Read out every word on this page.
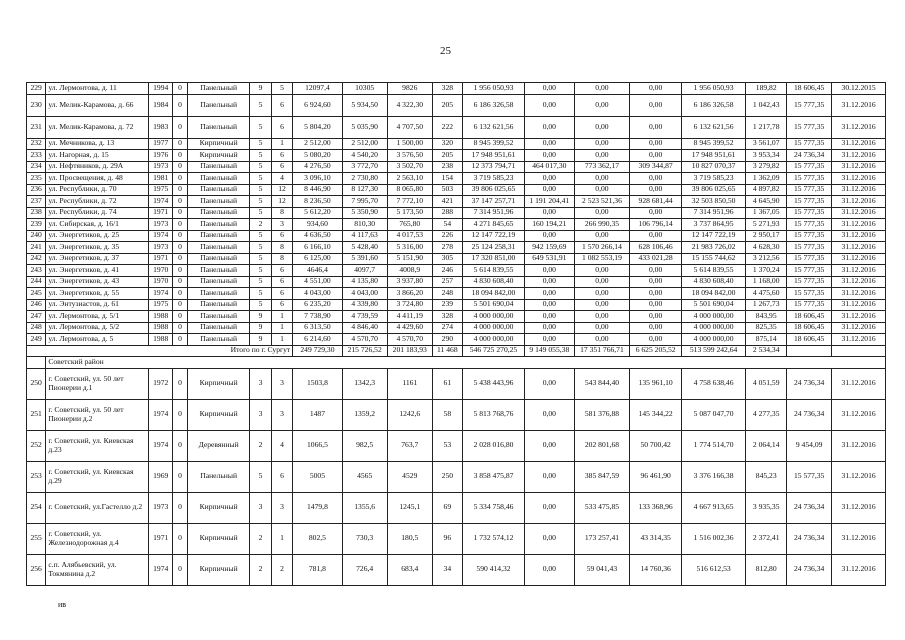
25
229	ул. Лермонтова, д. 11	1994	0	Панельный	9	5	12097,4	10305	9826	328	1 956 050,93	0,00	0,00	0,00	1 956 050,93	189,82	18 606,45	30.12.2015
230	ул. Мелик-Карамова, д. 66	1984	0	Панельный	5	6	6 924,60	5 934,50	4 322,30	205	6 186 326,58	0,00	0,00	0,00	6 186 326,58	1 042,43	15 777,35	31.12.2016
231	ул. Мелик-Карамова, д. 72	1983	0	Панельный	5	6	5 804,20	5 035,90	4 707,50	222	6 132 621,56	0,00	0,00	0,00	6 132 621,56	1 217,78	15 777,35	31.12.2016
232	ул. Мечникова, д. 13	1977	0	Кирпичный	5	1	2 512,00	2 512,00	1 500,00	320	8 945 399,52	0,00	0,00	0,00	8 945 399,52	3 561,07	15 777,35	31.12.2016
233	ул. Нагорная, д. 15	1976	0	Кирпичный	5	6	5 080,20	4 540,20	3 576,50	205	17 948 951,61	0,00	0,00	0,00	17 948 951,61	3 953,34	24 736,34	31.12.2016
234	ул. Нефтяников, д. 29А	1973	0	Панельный	5	6	4 276,50	3 772,70	3 502,70	238	12 373 794,71	464 017,30	773 362,17	309 344,87	10 827 070,37	3 279,82	15 777,35	31.12.2016
235	ул. Просвещения, д. 48	1981	0	Панельный	5	4	3 096,10	2 730,80	2 563,10	154	3 719 585,23	0,00	0,00	0,00	3 719 585,23	1 362,09	15 777,35	31.12.2016
236	ул. Республики, д. 70	1975	0	Панельный	5	12	8 446,90	8 127,30	8 065,80	503	39 806 025,65	0,00	0,00	0,00	39 806 025,65	4 897,82	15 777,35	31.12.2016
237	ул. Республики, д. 72	1974	0	Панельный	5	12	8 236,50	7 995,70	7 772,10	421	37 147 257,71	1 191 204,41	2 523 521,36	928 681,44	32 503 850,50	4 645,90	15 777,35	31.12.2016
238	ул. Республики, д. 74	1971	0	Панельный	5	8	5 612,20	5 350,90	5 173,50	288	7 314 951,96	0,00	0,00	0,00	7 314 951,96	1 367,05	15 777,35	31.12.2016
239	ул. Сибирская, д. 16/1	1973	0	Панельный	2	3	934,60	810,30	765,80	54	4 271 845,65	160 194,21	266 990,35	106 796,14	3 737 864,95	5 271,93	15 777,35	31.12.2016
240	ул. Энергетиков, д. 25	1974	0	Панельный	5	6	4 636,50	4 117,63	4 017,53	226	12 147 722,19	0,00	0,00	0,00	12 147 722,19	2 950,17	15 777,35	31.12.2016
241	ул. Энергетиков, д. 35	1973	0	Панельный	5	8	6 166,10	5 428,40	5 316,00	278	25 124 258,31	942 159,69	1 570 266,14	628 106,46	21 983 726,02	4 628,30	15 777,35	31.12.2016
242	ул. Энергетиков, д. 37	1971	0	Панельный	5	8	6 125,00	5 391,60	5 151,90	305	17 320 851,00	649 531,91	1 082 553,19	433 021,28	15 155 744,62	3 212,56	15 777,35	31.12.2016
243	ул. Энергетиков, д. 41	1970	0	Панельный	5	6	4646,4	4097,7	4008,9	246	5 614 839,55	0,00	0,00	0,00	5 614 839,55	1 370,24	15 777,35	31.12.2016
244	ул. Энергетиков, д. 43	1970	0	Панельный	5	6	4 551,00	4 135,80	3 937,80	257	4 830 608,40	0,00	0,00	0,00	4 830 608,40	1 168,00	15 777,35	31.12.2016
245	ул. Энергетиков, д. 55	1974	0	Панельный	5	6	4 043,00	4 043,00	3 866,20	248	18 094 842,00	0,00	0,00	0,00	18 094 842,00	4 475,60	15 577,35	31.12.2016
246	ул. Энтузиастов, д. 61	1975	0	Панельный	5	6	6 235,20	4 339,80	3 724,80	239	5 501 690,04	0,00	0,00	0,00	5 501 690,04	1 267,73	15 777,35	31.12.2016
247	ул. Лермонтова, д. 5/1	1988	0	Панельный	9	1	7 738,90	4 739,59	4 411,19	328	4 000 000,00	0,00	0,00	0,00	4 000 000,00	843,95	18 606,45	31.12.2016
248	ул. Лермонтова, д. 5/2	1988	0	Панельный	9	1	6 313,50	4 846,40	4 429,60	274	4 000 000,00	0,00	0,00	0,00	4 000 000,00	825,35	18 606,45	31.12.2016
249	ул. Лермонтова, д. 5	1988	0	Панельный	9	1	6 214,60	4 570,70	4 570,70	290	4 000 000,00	0,00	0,00	0,00	4 000 000,00	875,14	18 606,45	31.12.2016
Итого по г. Сургут							249 729,30	215 726,52	201 183,93	11 468	546 725 270,25	9 149 055,38	17 351 766,71	6 625 205,52	513 599 242,64	2 534,34		
	Советский район																	
250	г. Советский, ул. 50 лет Пионерии д.1	1972	0	Кирпичный	3	3	1503,8	1342,3	1161	61	5 438 443,96	0,00	543 844,40	135 961,10	4 758 638,46	4 051,59	24 736,34	31.12.2016
251	г. Советский, ул. 50 лет Пионерии д.2	1974	0	Кирпичный	3	3	1487	1359,2	1242,6	58	5 813 768,76	0,00	581 376,88	145 344,22	5 087 047,70	4 277,35	24 736,34	31.12.2016
252	г. Советский, ул. Киевская д.23	1974	0	Деревянный	2	4	1066,5	982,5	763,7	53	2 028 016,80	0,00	202 801,68	50 700,42	1 774 514,70	2 064,14	9 454,09	31.12.2016
253	г. Советский, ул. Киевская д.29	1969	0	Панельный	5	6	5005	4565	4529	250	3 858 475,87	0,00	385 847,59	96 461,90	3 376 166,38	845,23	15 577,35	31.12.2016
254	г. Советский, ул.Гастелло д.2	1973	0	Кирпичный	3	3	1479,8	1355,6	1245,1	69	5 334 758,46	0,00	533 475,85	133 368,96	4 667 913,65	3 935,35	24 736,34	31.12.2016
255	г. Советский, ул. Железнодорожная д.4	1971	0	Кирпичный	2	1	802,5	730,3	180,5	96	1 732 574,12	0,00	173 257,41	43 314,35	1 516 002,36	2 372,41	24 736,34	31.12.2016
256	с.п. Алябьевский, ул. Токмянина д.2	1974	0	Кирпичный	2	2	781,8	726,4	683,4	34	590 414,32	0,00	59 041,43	14 760,36	516 612,53	812,80	24 736,34	31.12.2016
ив
